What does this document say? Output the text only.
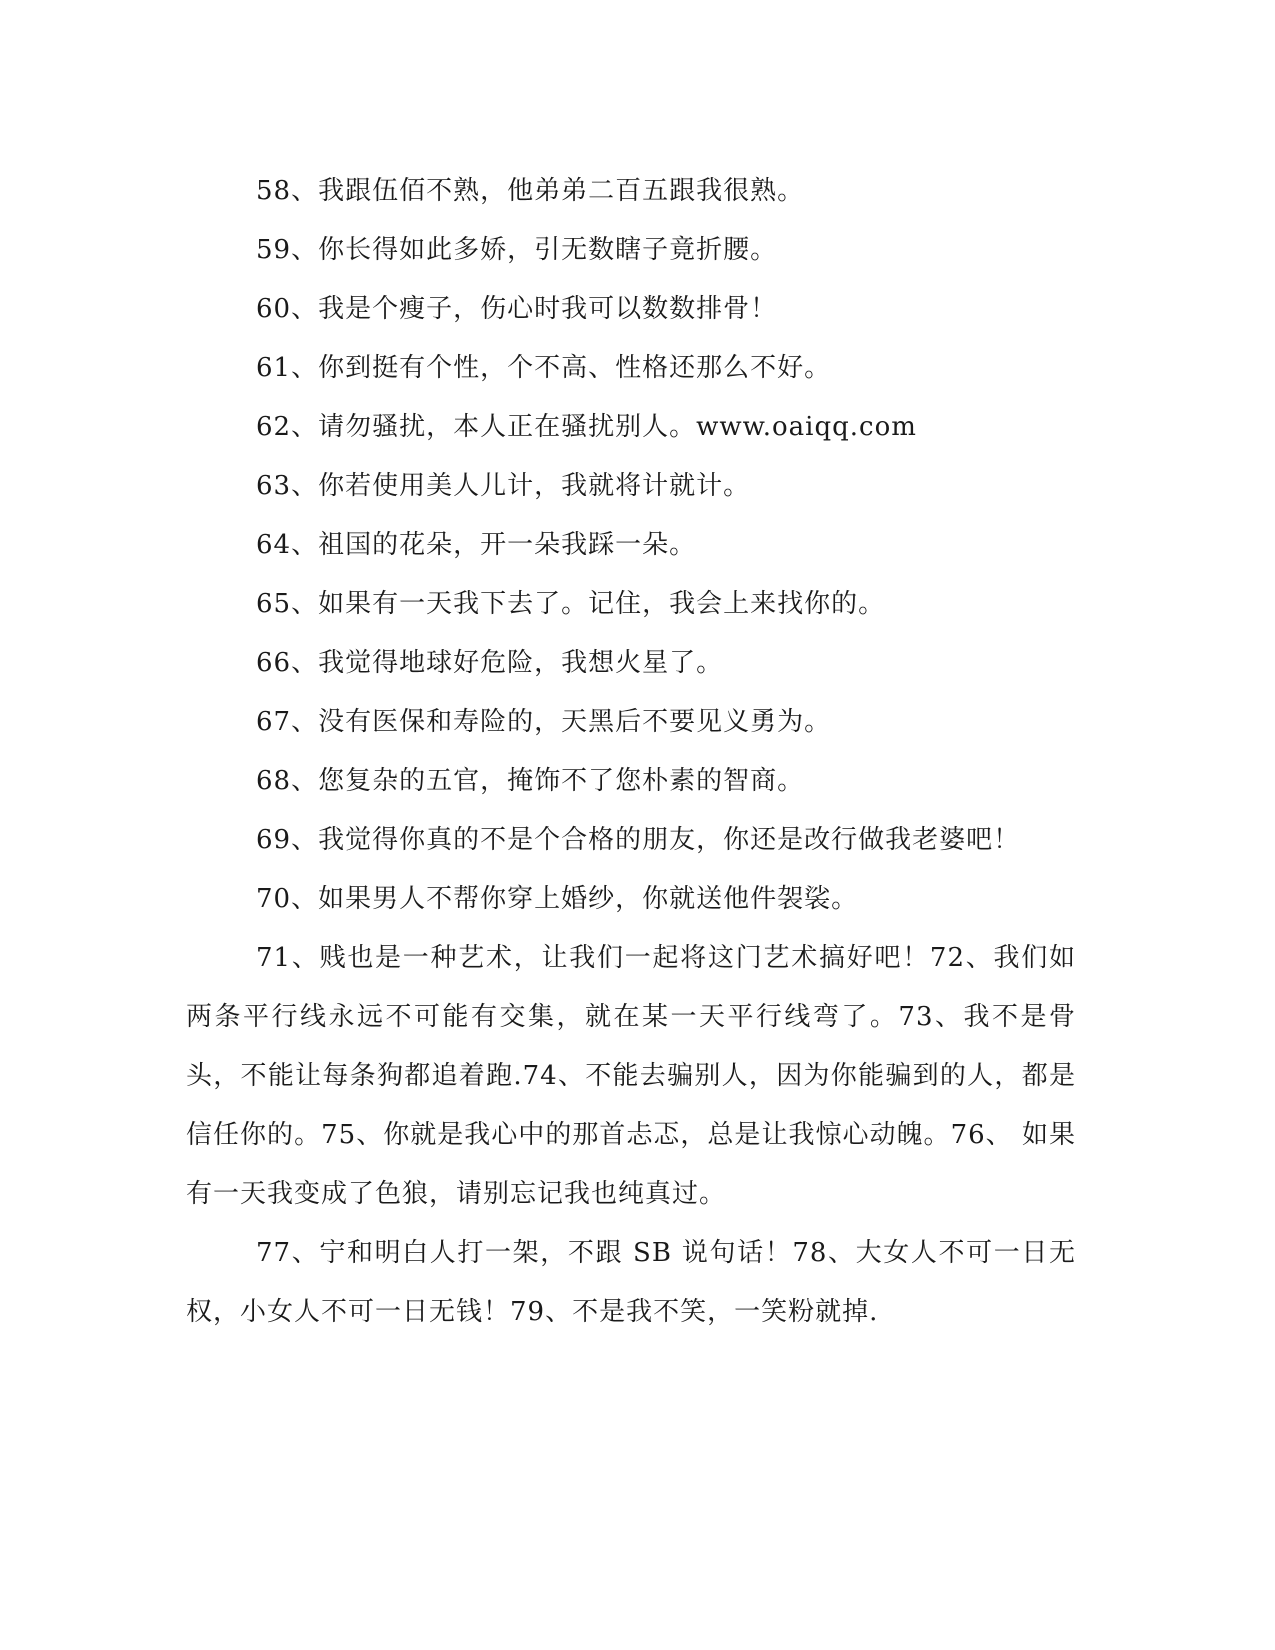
58、我跟伍佰不熟，他弟弟二百五跟我很熟。

59、你长得如此多娇，引无数瞎子竟折腰。

60、我是个瘦子，伤心时我可以数数排骨！

61、你到挺有个性，个不高、性格还那么不好。

62、请勿骚扰，本人正在骚扰别人。www.oaiqq.com

63、你若使用美人儿计，我就将计就计。

64、祖国的花朵，开一朵我踩一朵。

65、如果有一天我下去了。记住，我会上来找你的。

66、我觉得地球好危险，我想火星了。

67、没有医保和寿险的，天黑后不要见义勇为。

68、您复杂的五官，掩饰不了您朴素的智商。

69、我觉得你真的不是个合格的朋友，你还是改行做我老婆吧！

70、如果男人不帮你穿上婚纱，你就送他件袈裟。

71、贱也是一种艺术，让我们一起将这门艺术搞好吧！72、我们如两条平行线永远不可能有交集，就在某一天平行线弯了。73、我不是骨头，不能让每条狗都追着跑.74、不能去骗别人，因为你能骗到的人，都是信任你的。75、你就是我心中的那首忐忑，总是让我惊心动魄。76、 如果有一天我变成了色狼，请别忘记我也纯真过。

77、宁和明白人打一架，不跟 SB 说句话！78、大女人不可一日无权，小女人不可一日无钱！79、不是我不笑，一笑粉就掉.
